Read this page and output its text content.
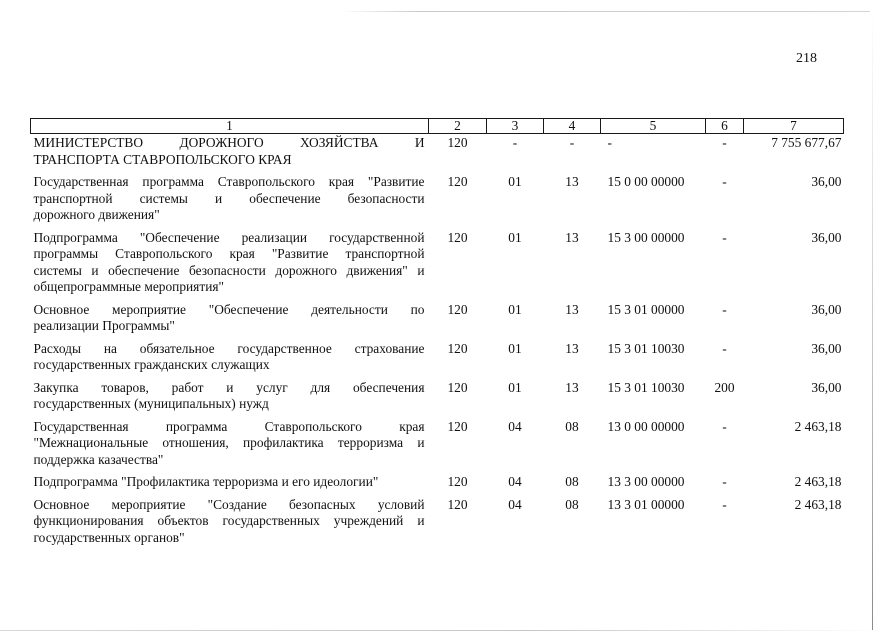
218
1	2	3	4	5	6	7

МИНИСТЕРСТВО ДОРОЖНОГО ХОЗЯЙСТВА И
ТРАНСПОРТА СТАВРОПОЛЬСКОГО КРАЯ	120	-	-	-	-	7 755 677,67

Государственная программа Ставропольского края "Развитие
транспортной системы и обеспечение безопасности
дорожного движения"	120	01	13	15 0 00 00000	-	36,00

Подпрограмма "Обеспечение реализации государственной
программы Ставропольского края "Развитие транспортной
системы и обеспечение безопасности дорожного движения" и
общепрограммные мероприятия"	120	01	13	15 3 00 00000	-	36,00

Основное мероприятие "Обеспечение деятельности по
реализации Программы"	120	01	13	15 3 01 00000	-	36,00

Расходы на обязательное государственное страхование
государственных гражданских служащих	120	01	13	15 3 01 10030	-	36,00

Закупка товаров, работ и услуг для обеспечения
государственных (муниципальных) нужд	120	01	13	15 3 01 10030	200	36,00

Государственная программа Ставропольского края
"Межнациональные отношения, профилактика терроризма и
поддержка казачества"	120	04	08	13 0 00 00000	-	2 463,18

Подпрограмма "Профилактика терроризма и его идеологии"	120	04	08	13 3 00 00000	-	2 463,18

Основное мероприятие "Создание безопасных условий
функционирования объектов государственных учреждений и
государственных органов"	120	04	08	13 3 01 00000	-	2 463,18
